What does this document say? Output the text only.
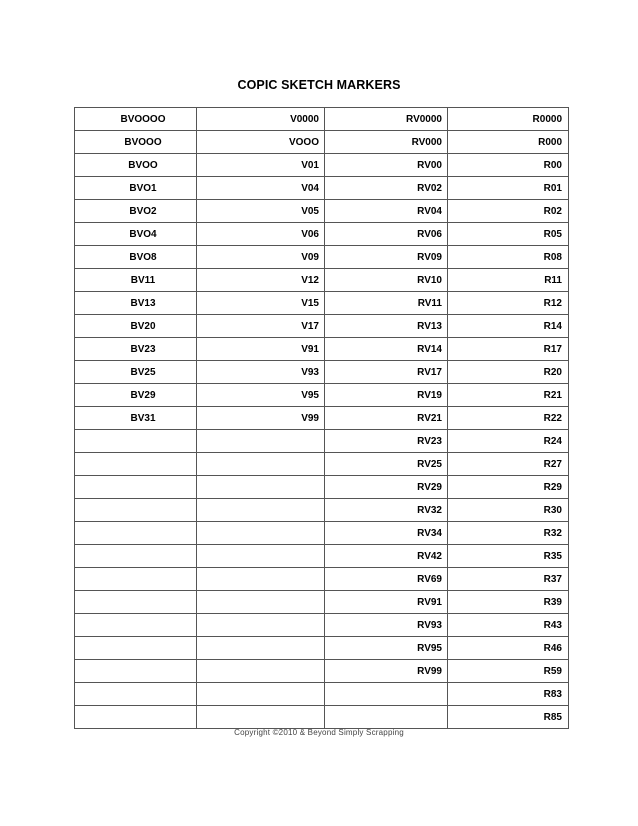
COPIC SKETCH MARKERS
BVOOOO	V0000	RV0000	R0000
BVOOO	VOOO	RV000	R000
BVOO	V01	RV00	R00
BVO1	V04	RV02	R01
BVO2	V05	RV04	R02
BVO4	V06	RV06	R05
BVO8	V09	RV09	R08
BV11	V12	RV10	R11
BV13	V15	RV11	R12
BV20	V17	RV13	R14
BV23	V91	RV14	R17
BV25	V93	RV17	R20
BV29	V95	RV19	R21
BV31	V99	RV21	R22
		RV23	R24
		RV25	R27
		RV29	R29
		RV32	R30
		RV34	R32
		RV42	R35
		RV69	R37
		RV91	R39
		RV93	R43
		RV95	R46
		RV99	R59
			R83
			R85
Copyright ©2010 & Beyond Simply Scrapping
